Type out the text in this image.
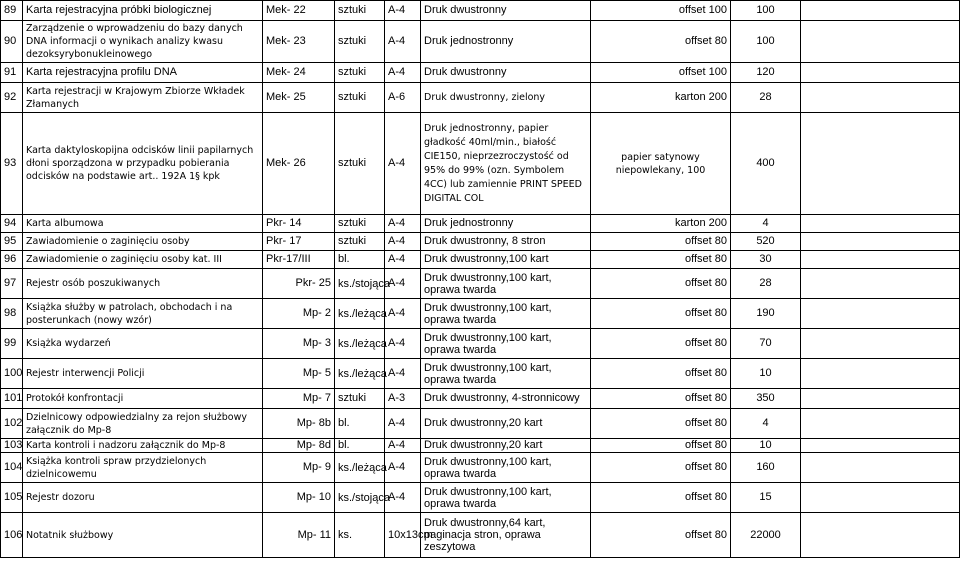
89	Karta rejestracyjna próbki biologicznej	Mek- 22	sztuki	A-4	Druk dwustronny	offset 100	100	
90	Zarządzenie o wprowadzeniu do bazy danych DNA informacji o wynikach analizy kwasu dezoksyrybonukleinowego	Mek- 23	sztuki	A-4	Druk jednostronny	offset 80	100	
91	Karta rejestracyjna profilu DNA	Mek- 24	sztuki	A-4	Druk dwustronny	offset 100	120	
92	Karta rejestracji w Krajowym Zbiorze Wkładek Złamanych	Mek- 25	sztuki	A-6	Druk dwustronny, zielony	karton 200	28	
93	Karta daktyloskopijna odcisków linii papilarnych dłoni sporządzona w przypadku pobierania odcisków na podstawie art.. 192A 1§ kpk	Mek- 26	sztuki	A-4	Druk jednostronny, papier gładkość 40ml/min., białość CIE150, nieprzezroczystość od 95% do 99% (ozn. Symbolem 4CC) lub zamiennie PRINT SPEED DIGITAL COL	papier satynowy niepowlekany, 100	400	
94	Karta albumowa	Pkr- 14	sztuki	A-4	Druk jednostronny	karton 200	4	
95	Zawiadomienie o zaginięciu osoby	Pkr- 17	sztuki	A-4	Druk dwustronny, 8 stron	offset 80	520	
96	Zawiadomienie o zaginięciu osoby kat. III	Pkr-17/III	bl.	A-4	Druk dwustronny,100 kart	offset 80	30	
97	Rejestr osób poszukiwanych	Pkr- 25	ks./stojąca	A-4	Druk dwustronny,100 kart, oprawa twarda	offset 80	28	
98	Książka służby w patrolach, obchodach i na posterunkach (nowy wzór)	Mp- 2	ks./leżąca	A-4	Druk dwustronny,100 kart, oprawa twarda	offset 80	190	
99	Książka wydarzeń	Mp- 3	ks./leżąca	A-4	Druk dwustronny,100 kart, oprawa twarda	offset 80	70	
100	Rejestr interwencji Policji	Mp- 5	ks./leżąca	A-4	Druk dwustronny,100 kart, oprawa twarda	offset 80	10	
101	Protokół konfrontacji	Mp- 7	sztuki	A-3	Druk dwustronny, 4-stronnicowy	offset 80	350	
102	Dzielnicowy odpowiedzialny za rejon służbowy załącznik do Mp-8	Mp- 8b	bl.	A-4	Druk dwustronny,20 kart	offset 80	4	
103	Karta kontroli i nadzoru załącznik do Mp-8	Mp- 8d	bl.	A-4	Druk dwustronny,20 kart	offset 80	10	
104	Książka kontroli spraw przydzielonych dzielnicowemu	Mp- 9	ks./leżąca	A-4	Druk dwustronny,100 kart, oprawa twarda	offset 80	160	
105	Rejestr dozoru	Mp- 10	ks./stojąca	A-4	Druk dwustronny,100 kart, oprawa twarda	offset 80	15	
106	Notatnik służbowy	Mp- 11	ks.	10x13cm	Druk dwustronny,64 kart, paginacja stron, oprawa zeszytowa	offset 80	22000	
